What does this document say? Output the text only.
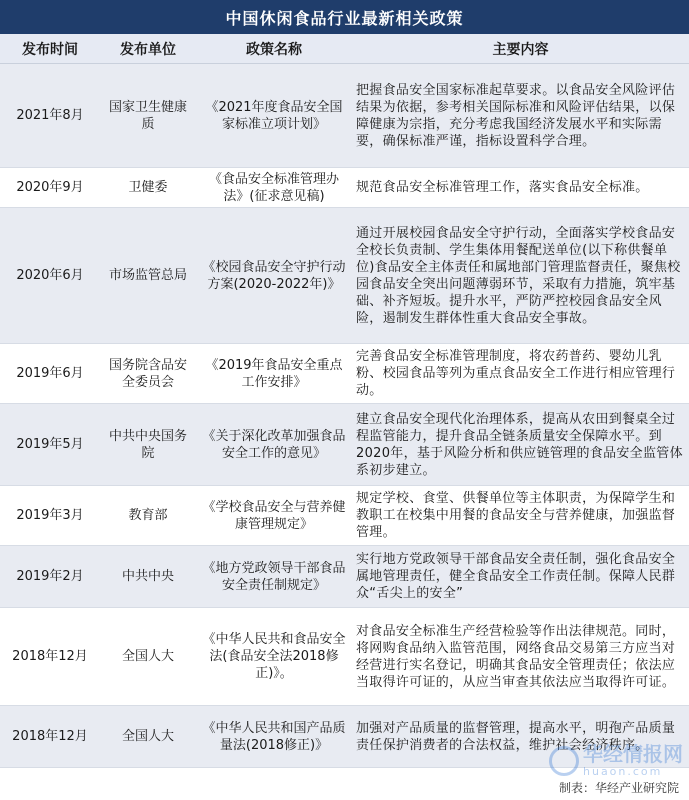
中国休闲食品行业最新相关政策
发布时间	发布单位	政策名称	主要内容
2021年8月	国家卫生健康质	《2021年度食品安全国家标准立项计划》	把握食品安全国家标准起草要求。以食品安全风险评估结果为依据，参考相关国际标准和风险评估结果，以保障健康为宗指，充分考虑我国经济发展水平和实际需要，确保标准严谨，指标设置科学合理。
2020年9月	卫健委	《食品安全标准管理办法》(征求意见稿)	规范食品安全标准管理工作，落实食品安全标准。
2020年6月	市场监管总局	《校园食品安全守护行动方案(2020-2022年)》	通过开展校园食品安全守护行动，全面落实学校食品安全校长负责制、学生集体用餐配送单位(以下称供餐单位)食品安全主体责任和属地部门管理监督责任，聚焦校园食品安全突出问题薄弱环节，采取有力措施，筑牢基础、补齐短坂。提升水平，严防严控校园食品安全风险，遏制发生群体性重大食品安全事故。
2019年6月	国务院含品安全委员会	《2019年食品安全重点工作安排》	完善食品安全标准管理制度，将农药普药、婴幼儿乳粉、校园食品等列为重点食品安全工作进行相应管理行动。
2019年5月	中共中央国务院	《关于深化改革加强食品安全工作的意见》	建立食品安全现代化治理体系，提高从农田到餐桌全过程监管能力，提升食品全链条质量安全保障水平。到2020年，基于风险分析和供应链管理的食品安全监管体系初步建立。
2019年3月	教育部	《学校食品安全与营养健康管理规定》	规定学校、食堂、供餐单位等主体职责，为保障学生和教职工在校集中用餐的食品安全与营养健康，加强监督管理。
2019年2月	中共中央	《地方党政领导干部食品安全责任制规定》	实行地方党政领导干部食品安全责任制，强化食品安全属地管理责任，健全食品安全工作责任制。保障人民群众“舌尖上的安全”
2018年12月	全国人大	《中华人民共和食品安全法(食品安全法2018修正)》。	对食品安全标准生产经营检验等作出法律规范。同时，将网购食品纳入监管范围，网络食品交易第三方应当对经营进行实名登记，明确其食品安全管理责任；依法应当取得许可证的，从应当审查其依法应当取得许可证。
2018年12月	全国人大	《中华人民共和国产品质量法(2018修正)》	加强对产品质量的监督管理，提高水平，明孢产品质量责任保护消费者的合法权益，维护社会经济秩序。
华经情报网
huaon.com
制表：华经产业研究院
